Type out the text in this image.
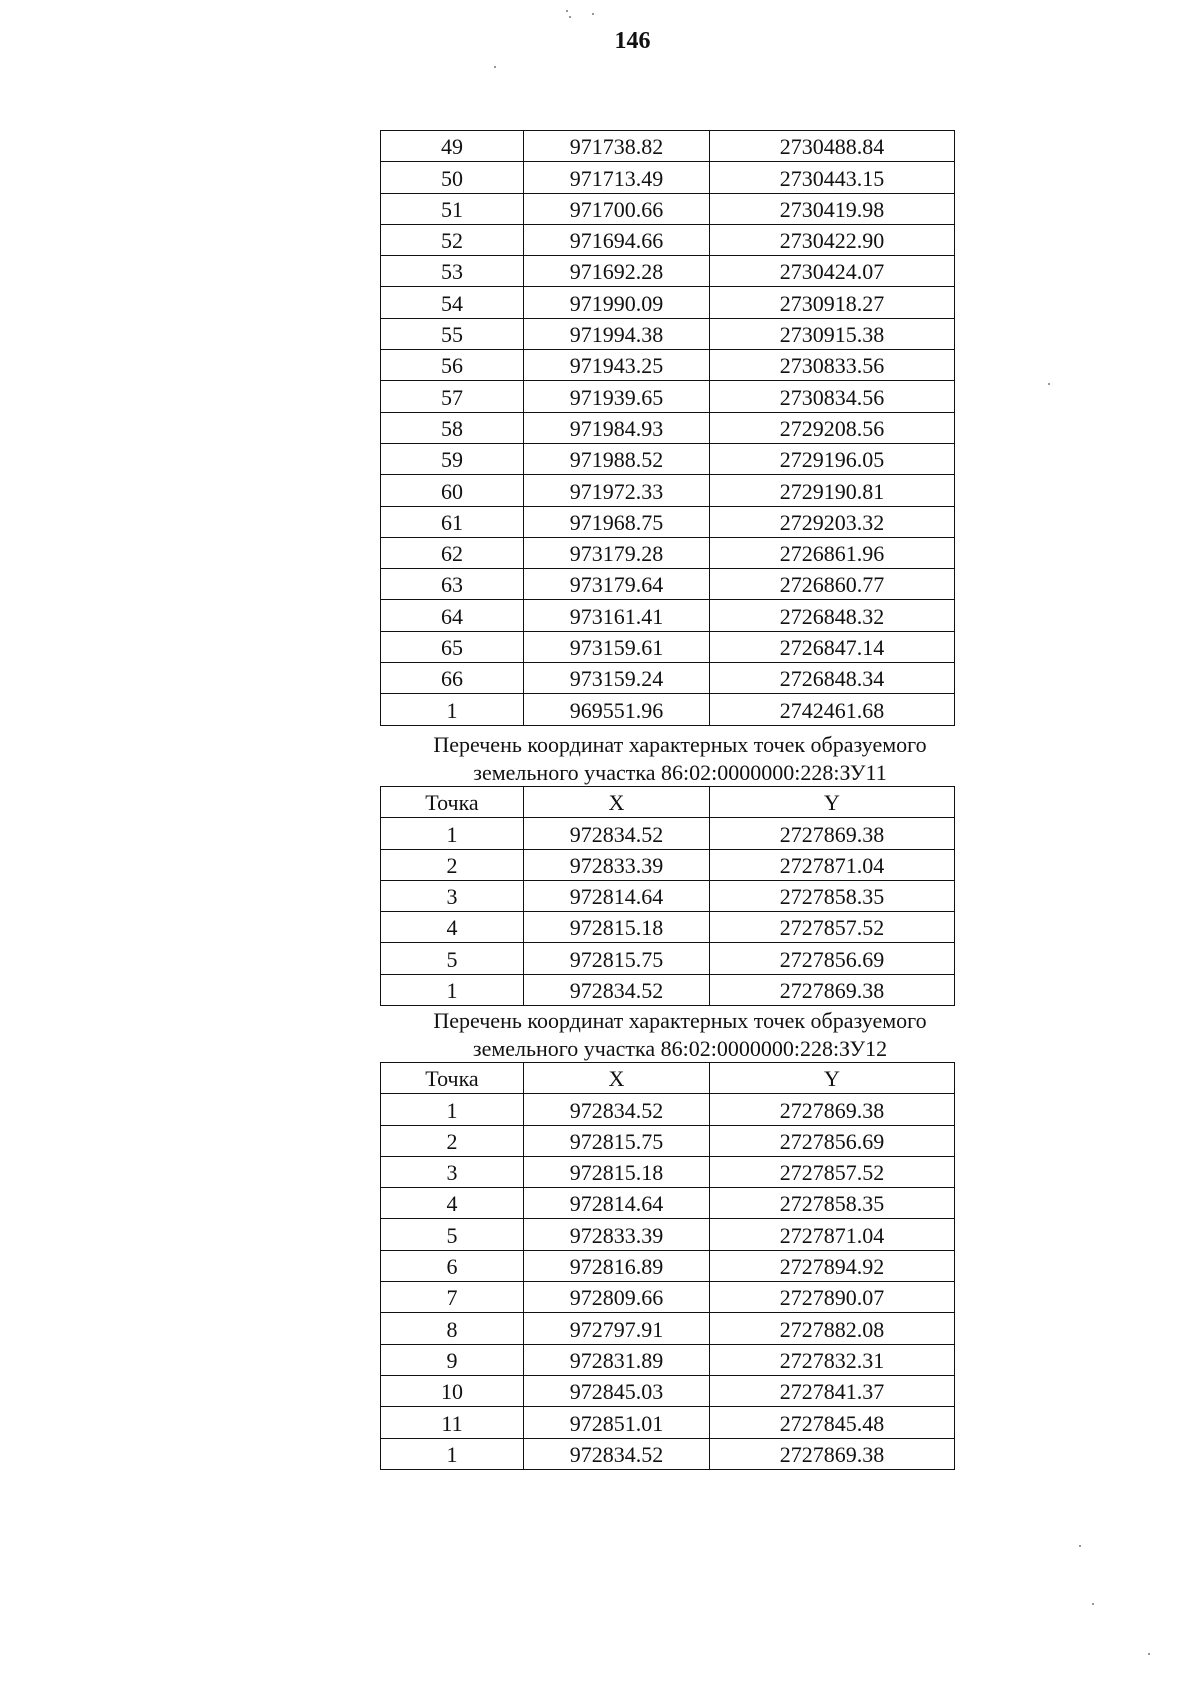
146
49	971738.82	2730488.84
50	971713.49	2730443.15
51	971700.66	2730419.98
52	971694.66	2730422.90
53	971692.28	2730424.07
54	971990.09	2730918.27
55	971994.38	2730915.38
56	971943.25	2730833.56
57	971939.65	2730834.56
58	971984.93	2729208.56
59	971988.52	2729196.05
60	971972.33	2729190.81
61	971968.75	2729203.32
62	973179.28	2726861.96
63	973179.64	2726860.77
64	973161.41	2726848.32
65	973159.61	2726847.14
66	973159.24	2726848.34
1	969551.96	2742461.68
Перечень координат характерных точек образуемого
земельного участка 86:02:0000000:228:ЗУ11
Точка	X	Y
1	972834.52	2727869.38
2	972833.39	2727871.04
3	972814.64	2727858.35
4	972815.18	2727857.52
5	972815.75	2727856.69
1	972834.52	2727869.38
Перечень координат характерных точек образуемого
земельного участка 86:02:0000000:228:ЗУ12
Точка	X	Y
1	972834.52	2727869.38
2	972815.75	2727856.69
3	972815.18	2727857.52
4	972814.64	2727858.35
5	972833.39	2727871.04
6	972816.89	2727894.92
7	972809.66	2727890.07
8	972797.91	2727882.08
9	972831.89	2727832.31
10	972845.03	2727841.37
11	972851.01	2727845.48
1	972834.52	2727869.38
